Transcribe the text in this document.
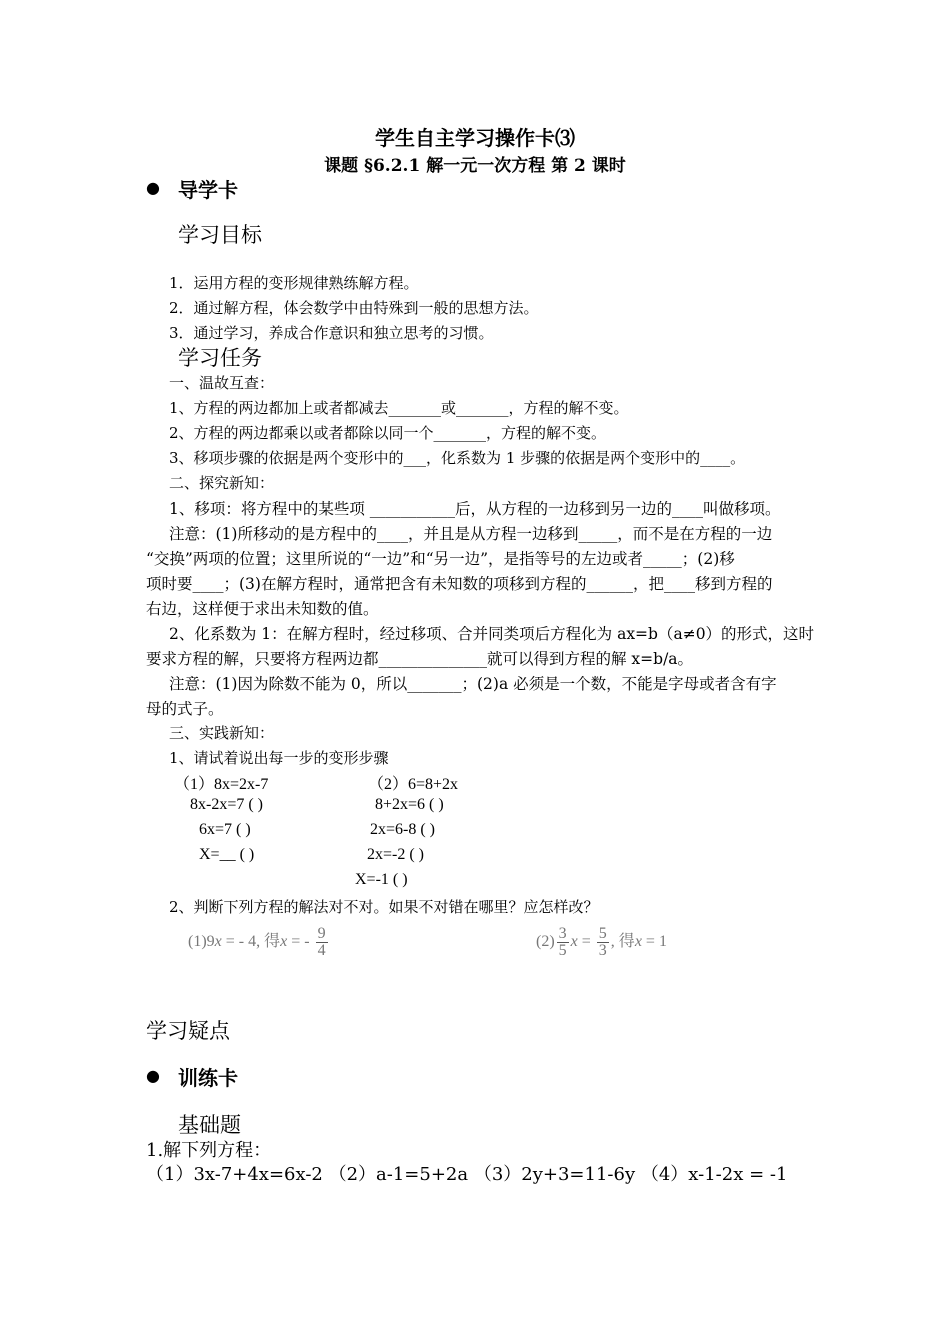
学生自主学习操作卡⑶
课题 §6.2.1 解一元一次方程 第 2 课时
● 导学卡
学习目标
1．运用方程的变形规律熟练解方程。
2．通过解方程，体会数学中由特殊到一般的思想方法。
3．通过学习，养成合作意识和独立思考的习惯。
学习任务
一、温故互查：
1、方程的两边都加上或者都减去_______或_______，方程的解不变。
2、方程的两边都乘以或者都除以同一个_______，方程的解不变。
3、移项步骤的依据是两个变形中的___，化系数为 1 步骤的依据是两个变形中的____。
二、探究新知：
1、移项：将方程中的某些项 ___________后，从方程的一边移到另一边的____叫做移项。
注意：(1)所移动的是方程中的____，并且是从方程一边移到_____，而不是在方程的一边
“交换”两项的位置；这里所说的“一边”和“另一边”，是指等号的左边或者_____；(2)移
项时要____；(3)在解方程时，通常把含有未知数的项移到方程的______，把____移到方程的
右边，这样便于求出未知数的值。
2、化系数为 1：在解方程时，经过移项、合并同类项后方程化为 ax=b（a≠0）的形式，这时
要求方程的解，只要将方程两边都______________就可以得到方程的解 x=b/a。
注意：(1)因为除数不能为 0，所以_______；(2)a 必须是一个数，不能是字母或者含有字
母的式子。
三、实践新知：
1、请试着说出每一步的变形步骤
（1）8x=2x-7
8x-2x=7 ( )
6x=7 ( )
X=__ ( )
（2）6=8+2x
8+2x=6 ( )
2x=6-8 ( )
2x=-2 ( )
X=-1 ( )
2、判断下列方程的解法对不对。如果不对错在哪里？应怎样改？
(1)9x = - 4, 得x = - $\frac{9}{4}$	$(2) \frac{3}{5}$ $x = \frac{5}{3}$ , 得x = 1
学习疑点
● 训练卡
基础题
1.解下列方程：
（1）3x-7+4x=6x-2 （2）a-1=5+2a （3）2y+3=11-6y （4）x-1-2x = -1
